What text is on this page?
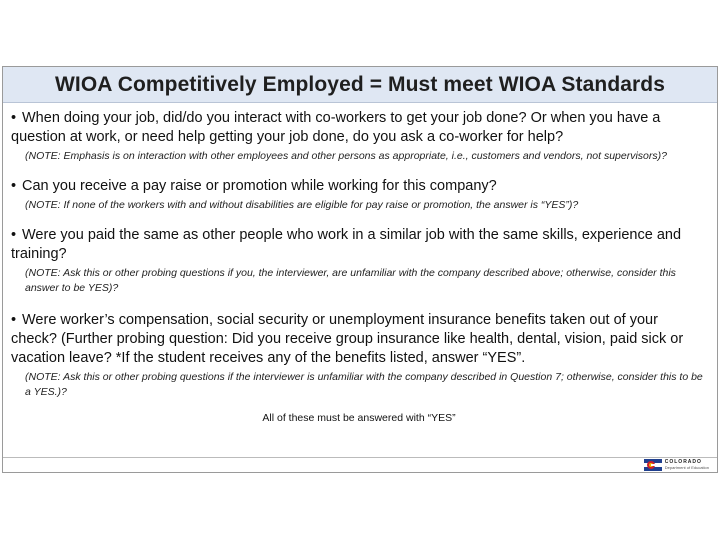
WIOA Competitively Employed = Must meet WIOA Standards

• When doing your job, did/do you interact with co-workers to get your job done? Or when you have a question at work, or need help getting your job done, do you ask a co-worker for help?

(NOTE: Emphasis is on interaction with other employees and other persons as appropriate, i.e., customers and vendors, not supervisors)?

• Can you receive a pay raise or promotion while working for this company?

(NOTE: If none of the workers with and without disabilities are eligible for pay raise or promotion, the answer is “YES”)?

• Were you paid the same as other people who work in a similar job with the same skills, experience and training?

(NOTE: Ask this or other probing questions if you, the interviewer, are unfamiliar with the company described above; otherwise, consider this answer to be YES)?

• Were worker’s compensation, social security or unemployment insurance benefits taken out of your check? (Further probing question: Did you receive group insurance like health, dental, vision, paid sick or vacation leave? *If the student receives any of the benefits listed, answer “YES”.

(NOTE: Ask this or other probing questions if the interviewer is unfamiliar with the company described in Question 7; otherwise, consider this to be a YES.)?

All of these must be answered with “YES”
COLORADO
Department of Education
